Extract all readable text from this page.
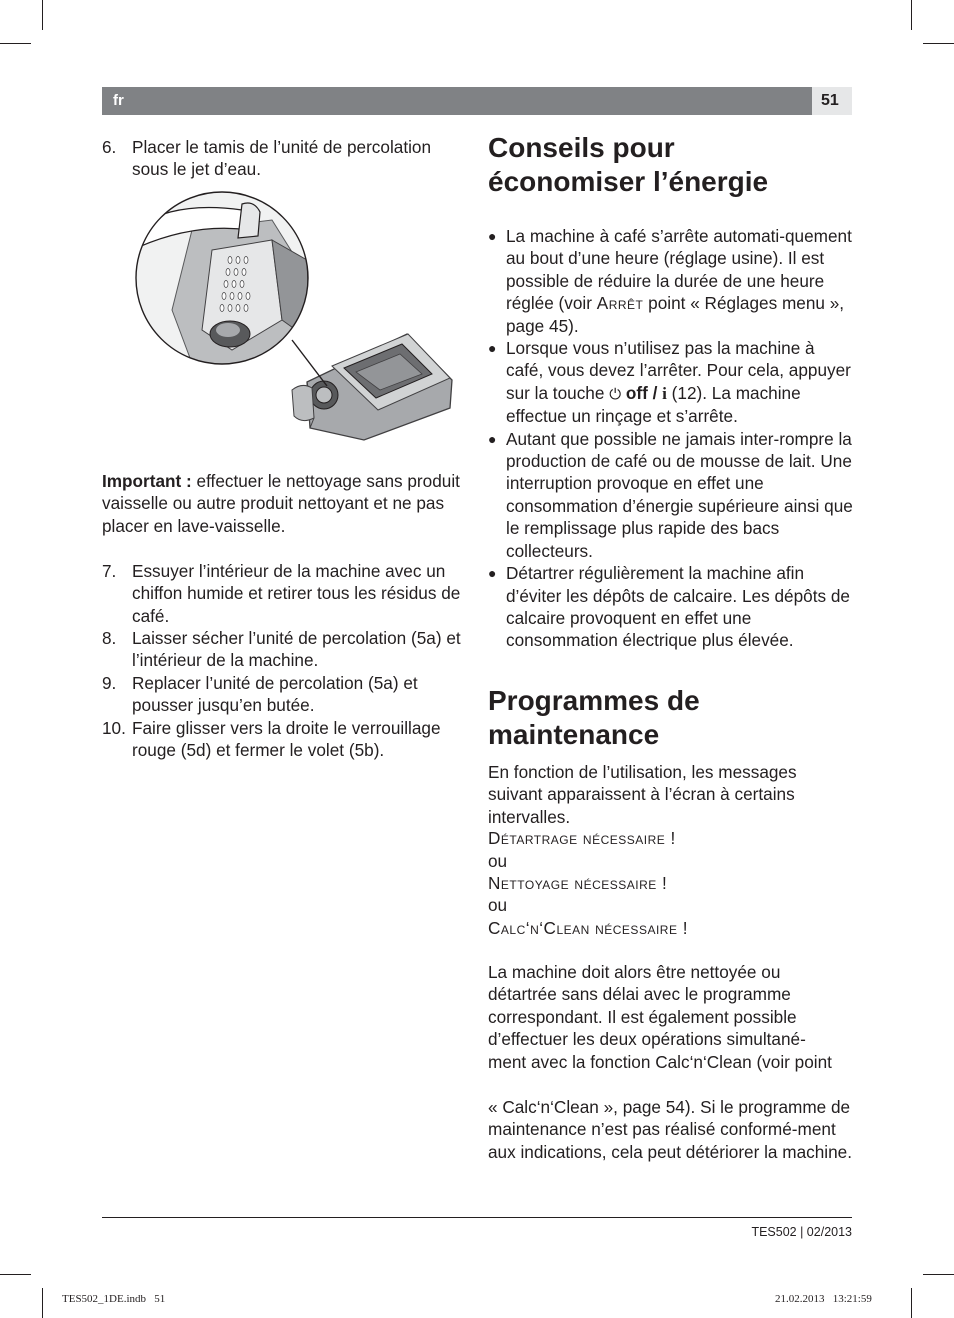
fr	51
6. Placer le tamis de l’unité de percolation sous le jet d’eau.
Important : effectuer le nettoyage sans produit vaisselle ou autre produit nettoyant et ne pas placer en lave-vaisselle.
7. Essuyer l’intérieur de la machine avec un chiffon humide et retirer tous les résidus de café.
8. Laisser sécher l’unité de percolation (5a) et l’intérieur de la machine.
9. Replacer l’unité de percolation (5a) et pousser jusqu’en butée.
10. Faire glisser vers la droite le verrouillage rouge (5d) et fermer le volet (5b).
Conseils pour
économiser l’énergie
● La machine à café s’arrête automati-quement au bout d’une heure (réglage usine). Il est possible de réduire la durée de une heure réglée (voir Arrêt point « Réglages menu », page 45).
● Lorsque vous n’utilisez pas la machine à café, vous devez l’arrêter. Pour cela, appuyer sur la touche ⏻ off / i (12). La machine effectue un rinçage et s’arrête.
● Autant que possible ne jamais inter-rompre la production de café ou de mousse de lait. Une interruption provoque en effet une consommation d’énergie supérieure ainsi que le remplissage plus rapide des bacs collecteurs.
● Détartrer régulièrement la machine afin d’éviter les dépôts de calcaire. Les dépôts de calcaire provoquent en effet une consommation électrique plus élevée.
Programmes de
maintenance
En fonction de l’utilisation, les messages suivant apparaissent à l’écran à certains intervalles.
Détartrage nécessaire !
ou
Nettoyage nécessaire !
ou
Calc‘n‘Clean nécessaire !
La machine doit alors être nettoyée ou détartrée sans délai avec le programme correspondant. Il est également possible d’effectuer les deux opérations simultané-ment avec la fonction Calc‘n‘Clean (voir point
« Calc‘n‘Clean », page 54). Si le programme de maintenance n’est pas réalisé conformé-ment aux indications, cela peut détériorer la machine.
TES502 | 02/2013
TES502_1DE.indb   51	21.02.2013   13:21:59
